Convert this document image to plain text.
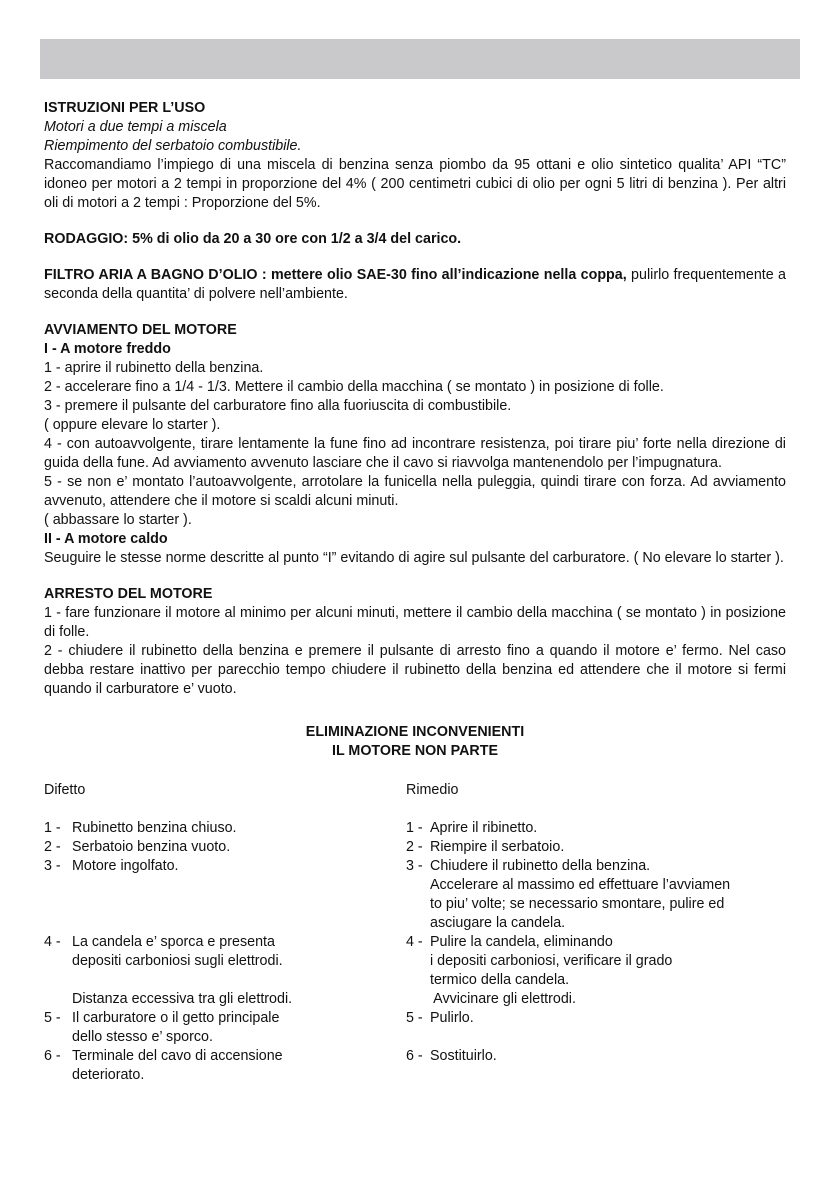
ISTRUZIONI PER L’USO

Motori a due tempi a miscela

Riempimento del serbatoio combustibile.

Raccomandiamo l’impiego di una miscela di benzina senza piombo da 95 ottani e olio sintetico qualita’ API “TC” idoneo per motori a 2 tempi in proporzione del 4% ( 200 centimetri cubici di olio per ogni 5 litri di benzina ). Per altri oli di motori a 2 tempi : Proporzione del 5%.

RODAGGIO: 5% di olio da 20 a 30 ore con 1/2 a 3/4 del carico.

FILTRO ARIA A BAGNO D’OLIO : mettere olio SAE-30 fino all’indicazione nella coppa, pulirlo frequentemente a seconda della quantita’ di polvere nell’ambiente.

AVVIAMENTO DEL MOTORE

I - A motore freddo

1 - aprire il rubinetto della benzina.

2 - accelerare fino a 1/4 - 1/3. Mettere il cambio della macchina ( se montato ) in posizione di folle.

3 - premere il pulsante del carburatore fino alla fuoriuscita di combustibile.

( oppure elevare lo starter ).

4 - con autoavvolgente, tirare lentamente la fune fino ad incontrare resistenza, poi tirare piu’ forte nella direzione di guida della fune. Ad avviamento avvenuto lasciare che il cavo si riavvolga mantenendolo per l’impugnatura.

5 - se non e’ montato l’autoavvolgente, arrotolare la funicella nella puleggia, quindi tirare con forza. Ad avviamento avvenuto, attendere che il motore si scaldi alcuni minuti.

( abbassare lo starter ).

II - A motore caldo

Seuguire le stesse norme descritte al punto “I” evitando di agire sul pulsante del carburatore. ( No elevare lo starter ).

ARRESTO DEL MOTORE

1 - fare funzionare il motore al minimo per alcuni minuti, mettere il cambio della macchina ( se montato ) in posizione di folle.

2 - chiudere il rubinetto della benzina e premere il pulsante di arresto fino a quando il motore e’ fermo. Nel caso debba restare inattivo per parecchio tempo chiudere il rubinetto della benzina ed attendere che il motore si fermi quando il carburatore e’ vuoto.

ELIMINAZIONE INCONVENIENTI

IL MOTORE NON PARTE

Difetto

1 - Rubinetto benzina chiuso.
2 - Serbatoio benzina vuoto.
3 - Motore ingolfato.
4 - La candela e’ sporca e presenta

depositi carboniosi sugli elettrodi.

Distanza eccessiva tra gli elettrodi.

5 - Il carburatore o il getto principale

dello stesso e’ sporco.

6 - Terminale del cavo di accensione

deteriorato.

Rimedio

1 - Aprire il ribinetto.
2 - Riempire il serbatoio.
3 - Chiudere il rubinetto della benzina.

Accelerare al massimo ed effettuare l’avviamen

to piu’ volte; se necessario smontare, pulire ed

asciugare la candela.

4 - Pulire la candela, eliminando

i depositi carboniosi, verificare il grado

termico della candela.

Avvicinare gli elettrodi.

5 - Pulirlo.
6 - Sostituirlo.
